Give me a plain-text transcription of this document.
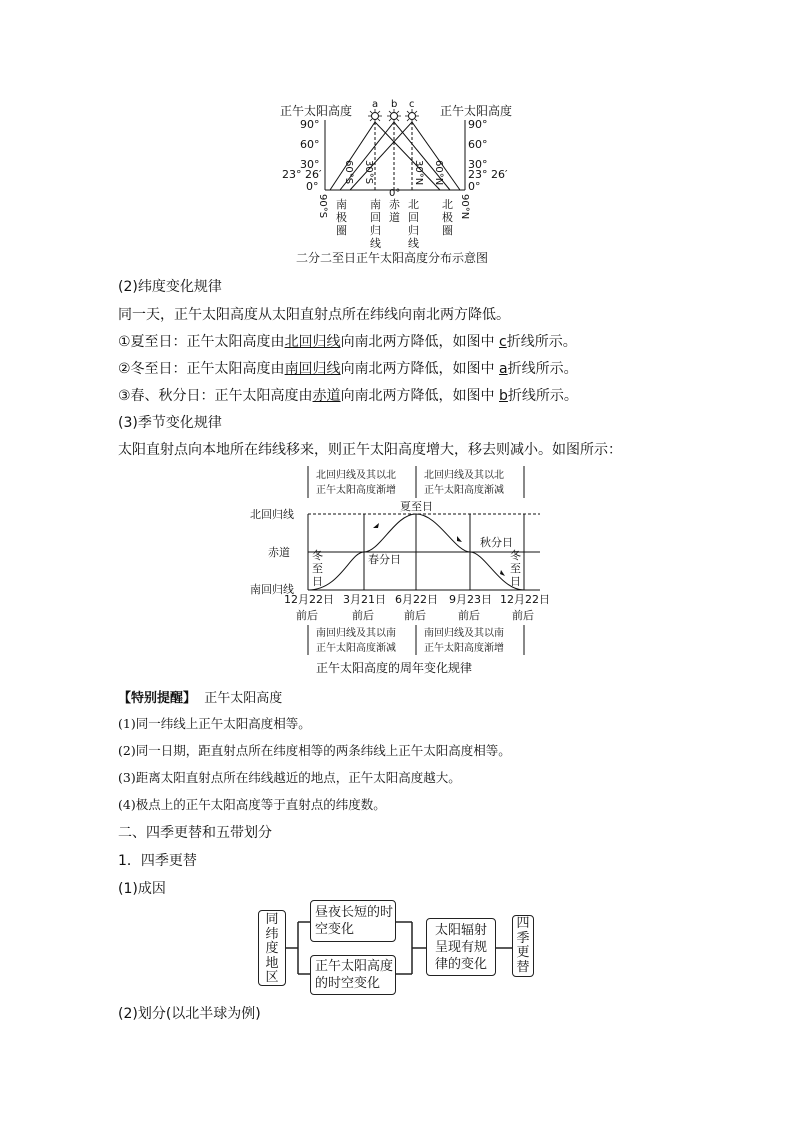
正午太阳高度	正午太阳高度
90°
60°
30°
23° 26′
0°
90°
60°
30°
23° 26′
0°
a b c
90°S
60°S 30°S
0°
30°N 60°N
90°N
南极圈
南回归线
赤道
北回归线
北极圈
二分二至日正午太阳高度分布示意图
(2)纬度变化规律
同一天，正午太阳高度从太阳直射点所在纬线向南北两方降低。
①夏至日：正午太阳高度由北回归线向南北两方降低，如图中 c折线所示。
②冬至日：正午太阳高度由南回归线向南北两方降低，如图中 a折线所示。
③春、秋分日：正午太阳高度由赤道向南北两方降低，如图中 b折线所示。
(3)季节变化规律
太阳直射点向本地所在纬线移来，则正午太阳高度增大，移去则减小。如图所示：
北回归线及其以北
正午太阳高度渐增
北回归线及其以北
正午太阳高度渐减
北回归线
赤道
南回归线
夏至日
春分日
秋分日
冬至日
冬至日
12月22日 3月21日 6月22日 9月23日 12月22日
前后	前后	前后	前后	前后
南回归线及其以南
正午太阳高度渐减
南回归线及其以南
正午太阳高度渐增
正午太阳高度的周年变化规律
【特别提醒】 正午太阳高度
(1)同一纬线上正午太阳高度相等。
(2)同一日期，距直射点所在纬度相等的两条纬线上正午太阳高度相等。
(3)距离太阳直射点所在纬线越近的地点，正午太阳高度越大。
(4)极点上的正午太阳高度等于直射点的纬度数。
二、四季更替和五带划分
1．四季更替
(1)成因
同
纬
度
地
区
昼夜长短的时
空变化
正午太阳高度
的时空变化
太阳辐射
呈现有规
律的变化
四
季
更
替
(2)划分(以北半球为例)
